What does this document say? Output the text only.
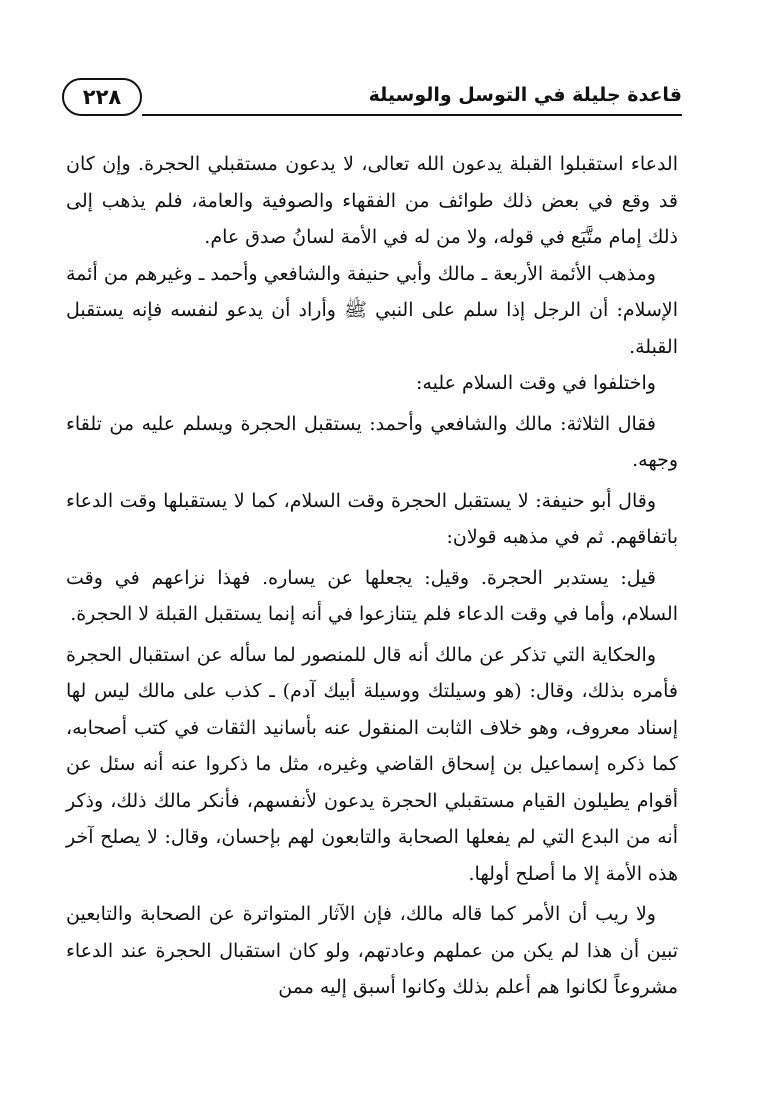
قاعدة جليلة في التوسل والوسيلة
٢٢٨

الدعاء استقبلوا القبلة يدعون الله تعالى، لا يدعون مستقبلي الحجرة. وإن كان قد وقع في بعض ذلك طوائف من الفقهاء والصوفية والعامة، فلم يذهب إلى ذلك إمام متَّبَع في قوله، ولا من له في الأمة لسانُ صدق عام.

ومذهب الأئمة الأربعة ـ مالك وأبي حنيفة والشافعي وأحمد ـ وغيرهم من أئمة الإسلام: أن الرجل إذا سلم على النبي ﷺ وأراد أن يدعو لنفسه فإنه يستقبل القبلة.

واختلفوا في وقت السلام عليه:

فقال الثلاثة: مالك والشافعي وأحمد: يستقبل الحجرة ويسلم عليه من تلقاء وجهه.

وقال أبو حنيفة: لا يستقبل الحجرة وقت السلام، كما لا يستقبلها وقت الدعاء باتفاقهم. ثم في مذهبه قولان:

قيل: يستدبر الحجرة. وقيل: يجعلها عن يساره. فهذا نزاعهم في وقت السلام، وأما في وقت الدعاء فلم يتنازعوا في أنه إنما يستقبل القبلة لا الحجرة.

والحكاية التي تذكر عن مالك أنه قال للمنصور لما سأله عن استقبال الحجرة فأمره بذلك، وقال: (هو وسيلتك ووسيلة أبيك آدم) ـ كذب على مالك ليس لها إسناد معروف، وهو خلاف الثابت المنقول عنه بأسانيد الثقات في كتب أصحابه، كما ذكره إسماعيل بن إسحاق القاضي وغيره، مثل ما ذكروا عنه أنه سئل عن أقوام يطيلون القيام مستقبلي الحجرة يدعون لأنفسهم، فأنكر مالك ذلك، وذكر أنه من البدع التي لم يفعلها الصحابة والتابعون لهم بإحسان، وقال: لا يصلح آخر هذه الأمة إلا ما أصلح أولها.

ولا ريب أن الأمر كما قاله مالك، فإن الآثار المتواترة عن الصحابة والتابعين تبين أن هذا لم يكن من عملهم وعادتهم، ولو كان استقبال الحجرة عند الدعاء مشروعاً لكانوا هم أعلم بذلك وكانوا أسبق إليه ممن
